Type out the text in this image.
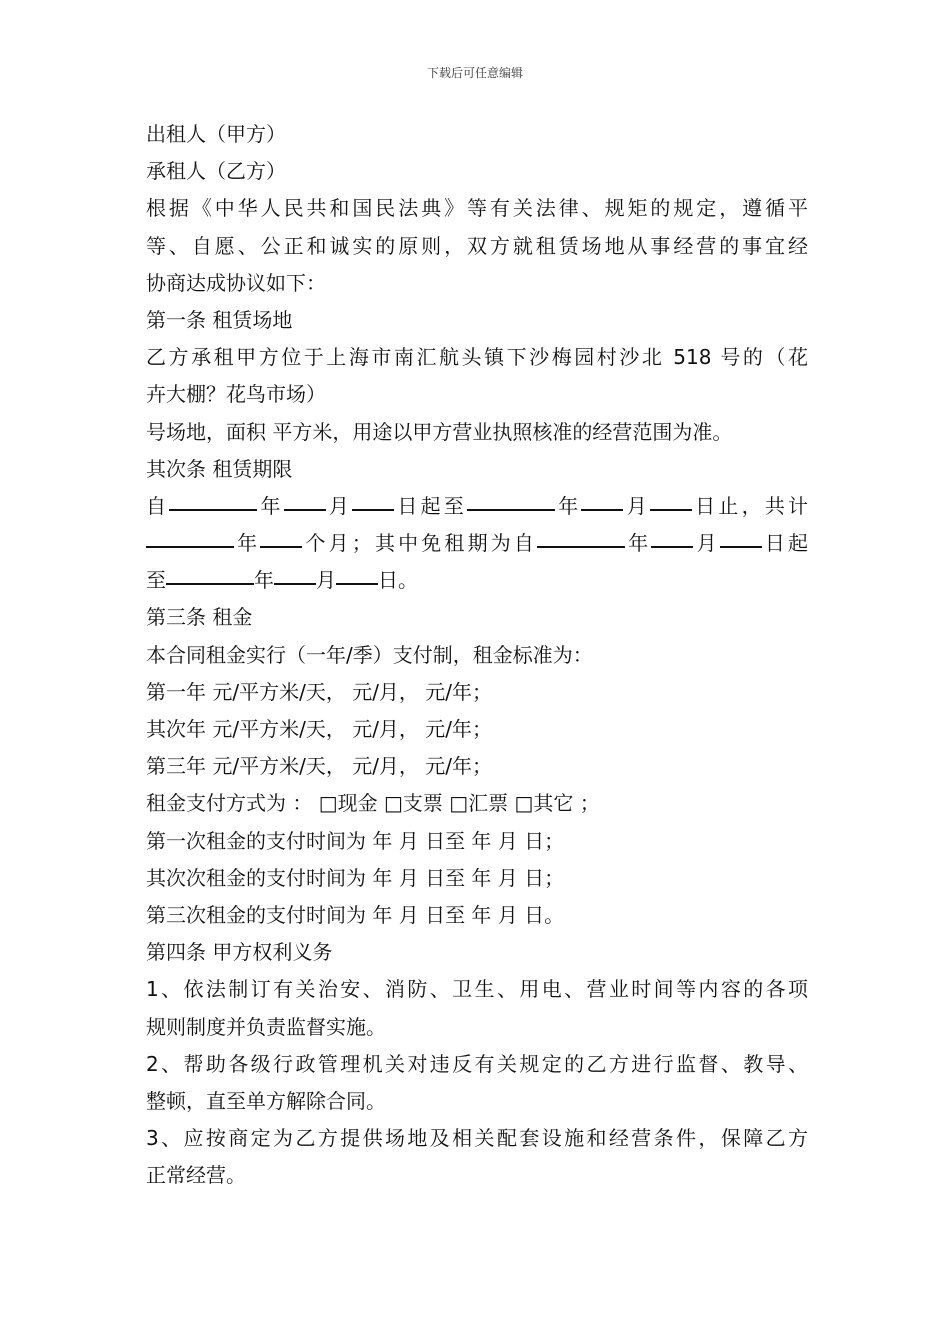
下载后可任意编辑
出租人（甲方）
承租人（乙方）
根据《中华人民共和国民法典》等有关法律、规矩的规定，遵循平
等、自愿、公正和诚实的原则，双方就租赁场地从事经营的事宜经
协商达成协议如下：
第一条 租赁场地
乙方承租甲方位于上海市南汇航头镇下沙梅园村沙北 518 号的（花
卉大棚？花鸟市场）
号场地，面积 平方米，用途以甲方营业执照核准的经营范围为准。
其次条 租赁期限
自	年 月 日起至	年 月 日止，共计
年 个月；其中免租期为自	年 月 日起
至	年 月 日。
第三条 租金
本合同租金实行（一年/季）支付制，租金标准为：
第一年 元/平方米/天， 元/月， 元/年；
其次年 元/平方米/天， 元/月， 元/年；
第三年 元/平方米/天， 元/月， 元/年；
租金支付方式为 ： □现金 □支票 □汇票 □其它 ；
第一次租金的支付时间为 年 月 日至 年 月 日；
其次次租金的支付时间为 年 月 日至 年 月 日；
第三次租金的支付时间为 年 月 日至 年 月 日。
第四条 甲方权利义务
1、依法制订有关治安、消防、卫生、用电、营业时间等内容的各项
规则制度并负责监督实施。
2、帮助各级行政管理机关对违反有关规定的乙方进行监督、教导、
整顿，直至单方解除合同。
3、应按商定为乙方提供场地及相关配套设施和经营条件，保障乙方
正常经营。
